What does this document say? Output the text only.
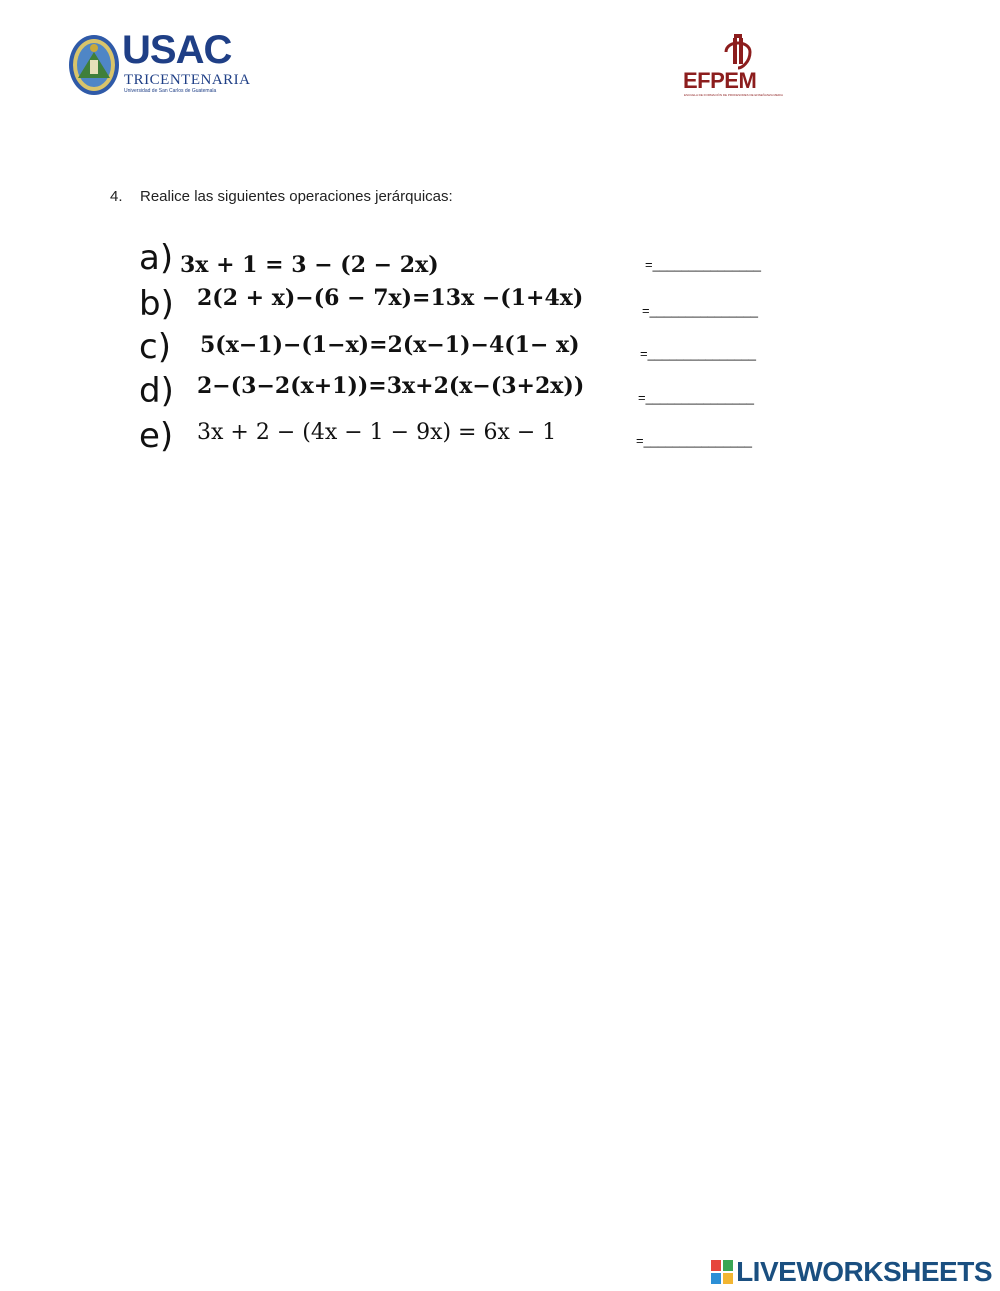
USAC
TRICENTENARIA
Universidad de San Carlos de Guatemala	EFPEM
ESCUELA DE FORMACIÓN DE PROFESORES DE ENSEÑANZA MEDIA
4. Realice las siguientes operaciones jerárquicas:
a) 3x + 1 = 3 − (2 − 2x)	=_______________
b) 2(2 + x)−(6 − 7x)=13x −(1+4x)	=_______________
c) 5(x−1)−(1−x)=2(x−1)−4(1− x)	=_______________
d) 2−(3−2(x+1))=3x+2(x−(3+2x))	=_______________
e) 3x + 2 − (4x − 1 − 9x) = 6x − 1	=_______________
LIVEWORKSHEETS
